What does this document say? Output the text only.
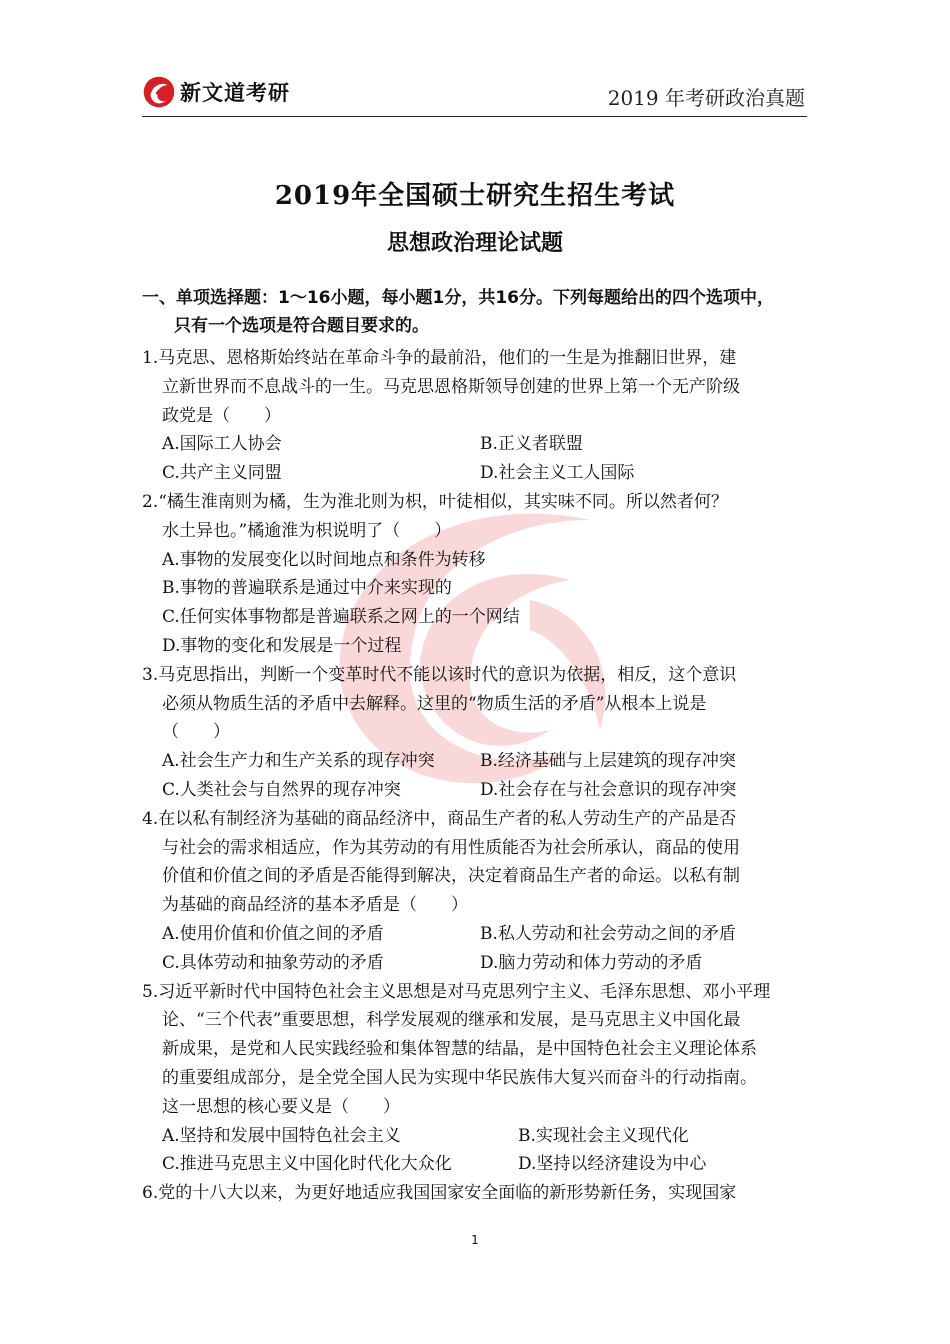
新文道考研	2019 年考研政治真题
2019年全国硕士研究生招生考试
思想政治理论试题
一、单项选择题：1～16小题，每小题1分，共16分。下列每题给出的四个选项中，
只有一个选项是符合题目要求的。
1.马克思、恩格斯始终站在革命斗争的最前沿，他们的一生是为推翻旧世界，建
立新世界而不息战斗的一生。马克思恩格斯领导创建的世界上第一个无产阶级
政党是（　　）
A.国际工人协会	B.正义者联盟
C.共产主义同盟	D.社会主义工人国际
2.“橘生淮南则为橘，生为淮北则为枳，叶徒相似，其实味不同。所以然者何？
水土异也。”橘逾淮为枳说明了（　　）
A.事物的发展变化以时间地点和条件为转移
B.事物的普遍联系是通过中介来实现的
C.任何实体事物都是普遍联系之网上的一个网结
D.事物的变化和发展是一个过程
3.马克思指出，判断一个变革时代不能以该时代的意识为依据，相反，这个意识
必须从物质生活的矛盾中去解释。这里的“物质生活的矛盾”从根本上说是
（　　）
A.社会生产力和生产关系的现存冲突	B.经济基础与上层建筑的现存冲突
C.人类社会与自然界的现存冲突	D.社会存在与社会意识的现存冲突
4.在以私有制经济为基础的商品经济中，商品生产者的私人劳动生产的产品是否
与社会的需求相适应，作为其劳动的有用性质能否为社会所承认，商品的使用
价值和价值之间的矛盾是否能得到解决，决定着商品生产者的命运。以私有制
为基础的商品经济的基本矛盾是（　　）
A.使用价值和价值之间的矛盾	B.私人劳动和社会劳动之间的矛盾
C.具体劳动和抽象劳动的矛盾	D.脑力劳动和体力劳动的矛盾
5.习近平新时代中国特色社会主义思想是对马克思列宁主义、毛泽东思想、邓小平理
论、“三个代表”重要思想，科学发展观的继承和发展，是马克思主义中国化最
新成果，是党和人民实践经验和集体智慧的结晶，是中国特色社会主义理论体系
的重要组成部分，是全党全国人民为实现中华民族伟大复兴而奋斗的行动指南。
这一思想的核心要义是（　　）
A.坚持和发展中国特色社会主义	B.实现社会主义现代化
C.推进马克思主义中国化时代化大众化	D.坚持以经济建设为中心
6.党的十八大以来，为更好地适应我国国家安全面临的新形势新任务，实现国家
1
